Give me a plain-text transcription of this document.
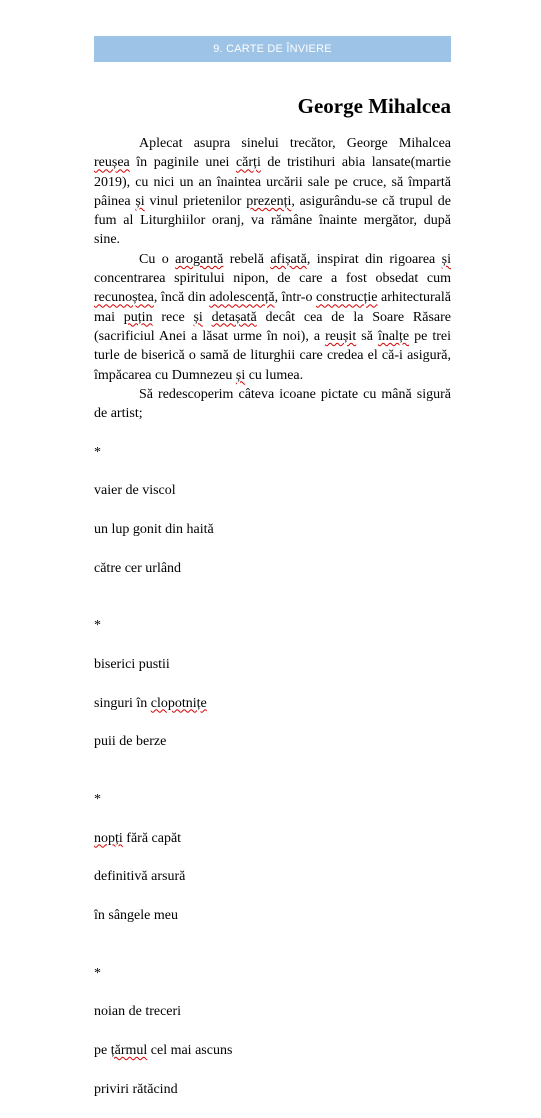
9. CARTE DE ÎNVIERE
George Mihalcea

Aplecat asupra sinelui trecător, George Mihalcea reușea în paginile unei cărți de tristihuri abia lansate(martie 2019), cu nici un an înaintea urcării sale pe cruce, să împartă pâinea și vinul prietenilor prezenți, asigurându-se că trupul de fum al Liturghiilor oranj, va rămâne înainte mergător, după sine.

Cu o arogantă rebelă afișată, inspirat din rigoarea și concentrarea spiritului nipon, de care a fost obsedat cum recunoștea, încă din adolescență, într-o construcție arhitecturală mai puțin rece și detașată decât cea de la Soare Răsare (sacrificiul Anei a lăsat urme în noi), a reușit să înalțe pe trei turle de biserică o samă de liturghii care credea el că-i asigură, împăcarea cu Dumnezeu și cu lumea.

Să redescoperim câteva icoane pictate cu mână sigură de artist;

*

vaier de viscol

un lup gonit din haită

către cer urlând

*

biserici pustii

singuri în clopotnițe

puii de berze

*

nopți fără capăt

definitivă arsură

în sângele meu

*

noian de treceri

pe țărmul cel mai ascuns

priviri rătăcind
